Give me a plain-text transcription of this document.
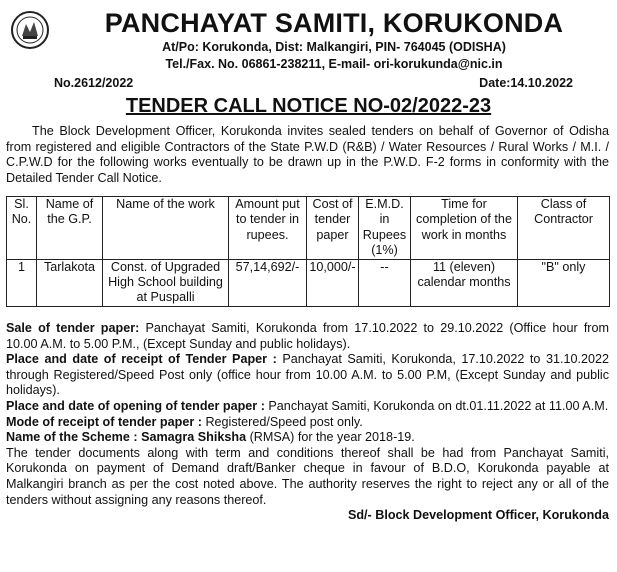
PANCHAYAT SAMITI, KORUKONDA
At/Po: Korukonda, Dist: Malkangiri, PIN- 764045 (ODISHA)
Tel./Fax. No. 06861-238211, E-mail- ori-korukunda@nic.in
No.2612/2022	Date:14.10.2022
TENDER CALL NOTICE NO-02/2022-23
The Block Development Officer, Korukonda invites sealed tenders on behalf of Governor of Odisha from registered and eligible Contractors of the State P.W.D (R&B) / Water Resources / Rural Works / M.I. / C.P.W.D for the following works eventually to be drawn up in the P.W.D. F-2 forms in conformity with the Detailed Tender Call Notice.
Sl. No.	Name of the G.P.	Name of the work	Amount put to tender in rupees.	Cost of tender paper	E.M.D. in Rupees (1%)	Time for completion of the work in months	Class of Contractor
1	Tarlakota	Const. of Upgraded High School building at Puspalli	57,14,692/-	10,000/-	--	11 (eleven) calendar months	"B" only

Sale of tender paper: Panchayat Samiti, Korukonda from 17.10.2022 to 29.10.2022 (Office hour from 10.00 A.M. to 5.00 P.M., (Except Sunday and public holidays).

Place and date of receipt of Tender Paper : Panchayat Samiti, Korukonda, 17.10.2022 to 31.10.2022 through Registered/Speed Post only (office hour from 10.00 A.M. to 5.00 P.M, (Except Sunday and public holidays).

Place and date of opening of tender paper : Panchayat Samiti, Korukonda on dt.01.11.2022 at 11.00 A.M.

Mode of receipt of tender paper : Registered/Speed post only.

Name of the Scheme : Samagra Shiksha (RMSA) for the year 2018-19.

The tender documents along with term and conditions thereof shall be had from Panchayat Samiti, Korukonda on payment of Demand draft/Banker cheque in favour of B.D.O, Korukonda payable at Malkangiri branch as per the cost noted above. The authority reserves the right to reject any or all of the tenders without assigning any reasons thereof.

Sd/- Block Development Officer, Korukonda
